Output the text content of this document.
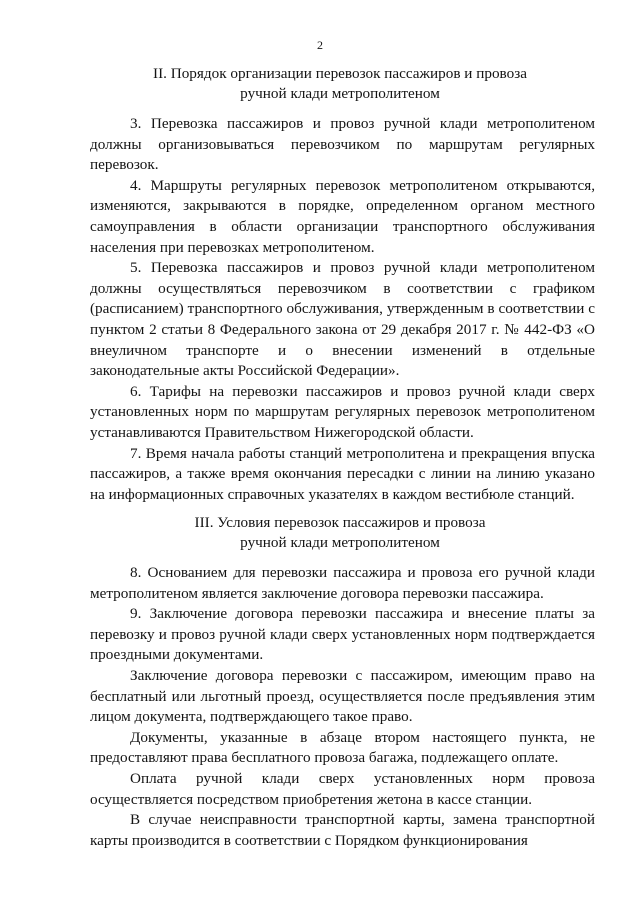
2
II. Порядок организации перевозок пассажиров и провоза
ручной клади метрополитеном

3. Перевозка пассажиров и провоз ручной клади метрополитеном должны организовываться перевозчиком по маршрутам регулярных перевозок.

4. Маршруты регулярных перевозок метрополитеном открываются, изменяются, закрываются в порядке, определенном органом местного самоуправления в области организации транспортного обслуживания населения при перевозках метрополитеном.

5. Перевозка пассажиров и провоз ручной клади метрополитеном должны осуществляться перевозчиком в соответствии с графиком (расписанием) транспортного обслуживания, утвержденным в соответствии с пунктом 2 статьи 8 Федерального закона от 29 декабря 2017 г. № 442-ФЗ «О внеуличном транспорте и о внесении изменений в отдельные законодательные акты Российской Федерации».

6. Тарифы на перевозки пассажиров и провоз ручной клади сверх установленных норм по маршрутам регулярных перевозок метрополитеном устанавливаются Правительством Нижегородской области.

7. Время начала работы станций метрополитена и прекращения впуска пассажиров, а также время окончания пересадки с линии на линию указано на информационных справочных указателях в каждом вестибюле станций.

III. Условия перевозок пассажиров и провоза
ручной клади метрополитеном

8. Основанием для перевозки пассажира и провоза его ручной клади метрополитеном является заключение договора перевозки пассажира.

9. Заключение договора перевозки пассажира и внесение платы за перевозку и провоз ручной клади сверх установленных норм подтверждается проездными документами.

Заключение договора перевозки с пассажиром, имеющим право на бесплатный или льготный проезд, осуществляется после предъявления этим лицом документа, подтверждающего такое право.

Документы, указанные в абзаце втором настоящего пункта, не предоставляют права бесплатного провоза багажа, подлежащего оплате.

Оплата ручной клади сверх установленных норм провоза осуществляется посредством приобретения жетона в кассе станции.

В случае неисправности транспортной карты, замена транспортной карты производится в соответствии с Порядком функционирования
